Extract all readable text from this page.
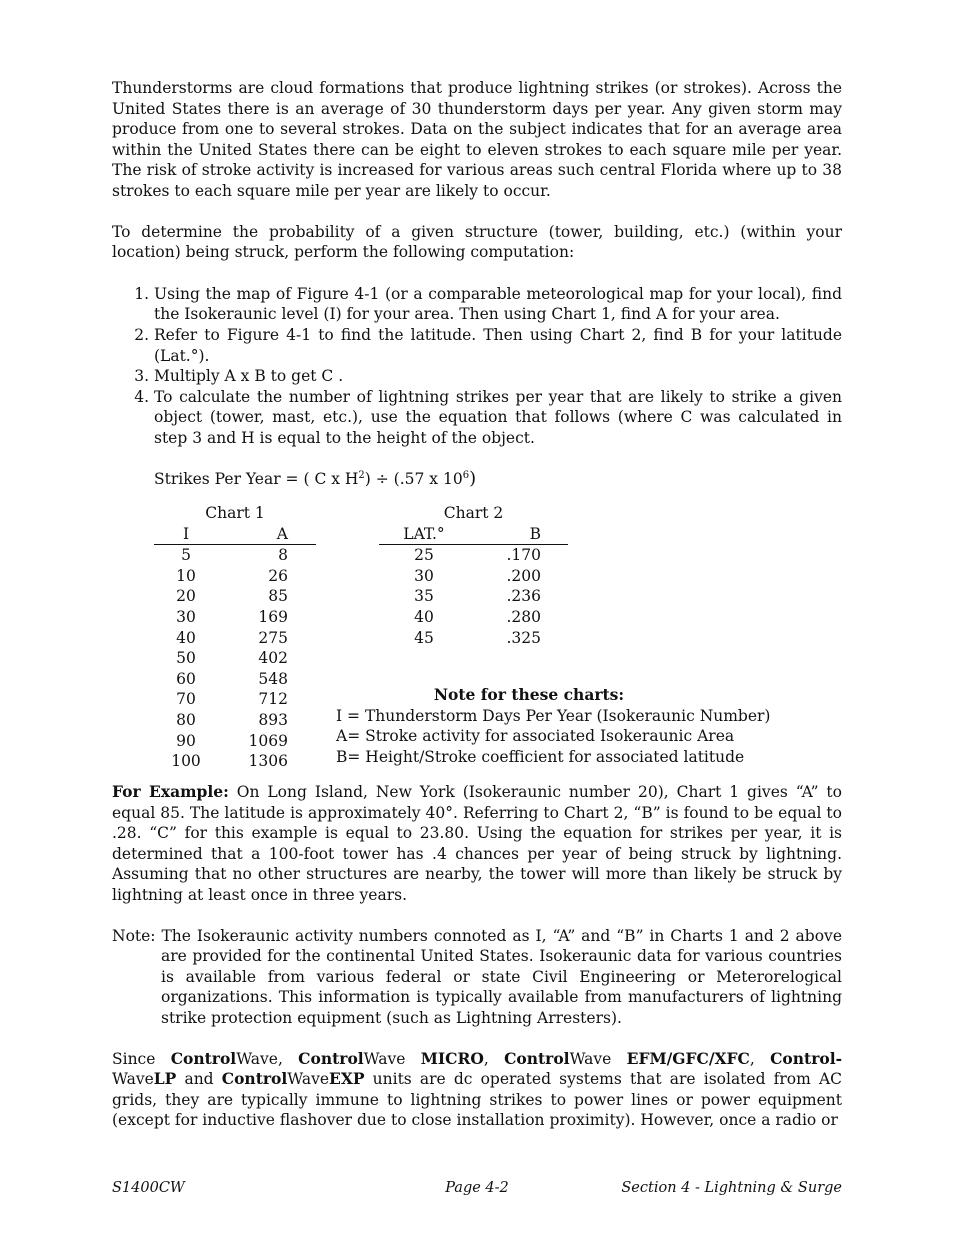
Thunderstorms are cloud formations that produce lightning strikes (or strokes). Across the United States there is an average of 30 thunderstorm days per year. Any given storm may produce from one to several strokes. Data on the subject indicates that for an average area within the United States there can be eight to eleven strokes to each square mile per year. The risk of stroke activity is increased for various areas such central Florida where up to 38 strokes to each square mile per year are likely to occur.

To determine the probability of a given structure (tower, building, etc.) (within your location) being struck, perform the following computation:

1. Using the map of Figure 4-1 (or a comparable meteorological map for your local), find the Isokeraunic level (I) for your area. Then using Chart 1, find A for your area.
2. Refer to Figure 4-1 to find the latitude. Then using Chart 2, find B for your latitude (Lat.°).
3. Multiply A x B to get C .
4. To calculate the number of lightning strikes per year that are likely to strike a given object (tower, mast, etc.), use the equation that follows (where C was calculated in step 3 and H is equal to the height of the object.
Strikes Per Year = ( C x $H^2) \div (.57$ x $10^6$)
Chart 1
I	A
5	8
10	26
20	85
30	169
40	275
50	402
60	548
70	712
80	893
90	1069
100	1306
Chart 2
LAT.°	B
25	.170
30	.200
35	.236
40	.280
45	.325
Note for these charts:
I = Thunderstorm Days Per Year (Isokeraunic Number)
A= Stroke activity for associated Isokeraunic Area
B= Height/Stroke coefficient for associated latitude

For Example: On Long Island, New York (Isokeraunic number 20), Chart 1 gives “A” to equal 85. The latitude is approximately 40°. Referring to Chart 2, “B” is found to be equal to .28. “C” for this example is equal to 23.80. Using the equation for strikes per year, it is determined that a 100-foot tower has .4 chances per year of being struck by lightning. Assuming that no other structures are nearby, the tower will more than likely be struck by lightning at least once in three years.

Note: The Isokeraunic activity numbers connoted as I, “A” and “B” in Charts 1 and 2 above are provided for the continental United States. Isokeraunic data for various countries is available from various federal or state Civil Engineering or Meterorelogical organizations. This information is typically available from manufacturers of lightning strike protection equipment (such as Lightning Arresters).

Since ControlWave, ControlWave MICRO, ControlWave EFM/GFC/XFC, Control- WaveLP and ControlWaveEXP units are dc operated systems that are isolated from AC grids, they are typically immune to lightning strikes to power lines or power equipment (except for inductive flashover due to close installation proximity). However, once a radio or

S1400CW	Page 4-2	Section 4 - Lightning & Surge
